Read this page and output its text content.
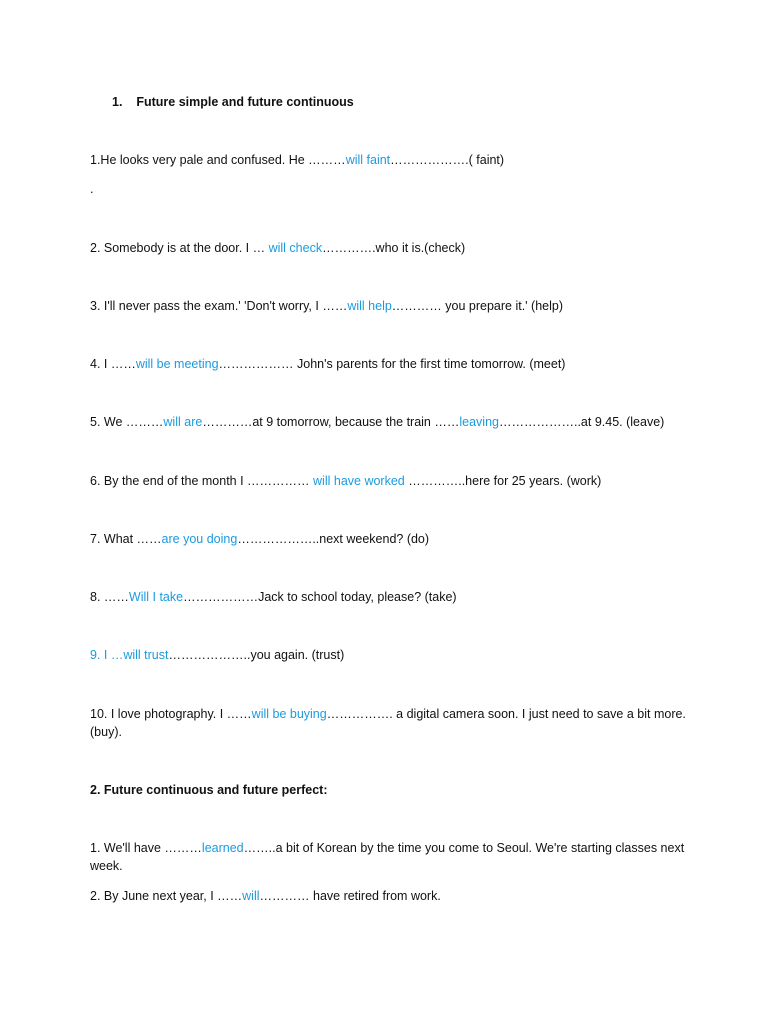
1. Future simple and future continuous
1.He looks very pale and confused. He ………will faint……………….( faint)
.
2. Somebody is at the door. I … will check………….who it is.(check)
3. I'll never pass the exam.' 'Don't worry, I ……will help………… you prepare it.' (help)
4. I ……will be meeting……………… John's parents for the first time tomorrow. (meet)
5. We ………will are…………at 9 tomorrow, because the train ……leaving………………..at 9.45. (leave)
6. By the end of the month I …………… will have worked …………..here for 25 years. (work)
7. What ……are you doing………………..next weekend? (do)
8. ……Will I take………………Jack to school today, please? (take)
9. I …will trust………………..you again. (trust)
10. I love photography. I ……will be buying……………. a digital camera soon. I just need to save a bit more. (buy).
2. Future continuous and future perfect:
1. We'll have ………learned……..a bit of Korean by the time you come to Seoul. We're starting classes next week.
2. By June next year, I ……will………… have retired from work.
